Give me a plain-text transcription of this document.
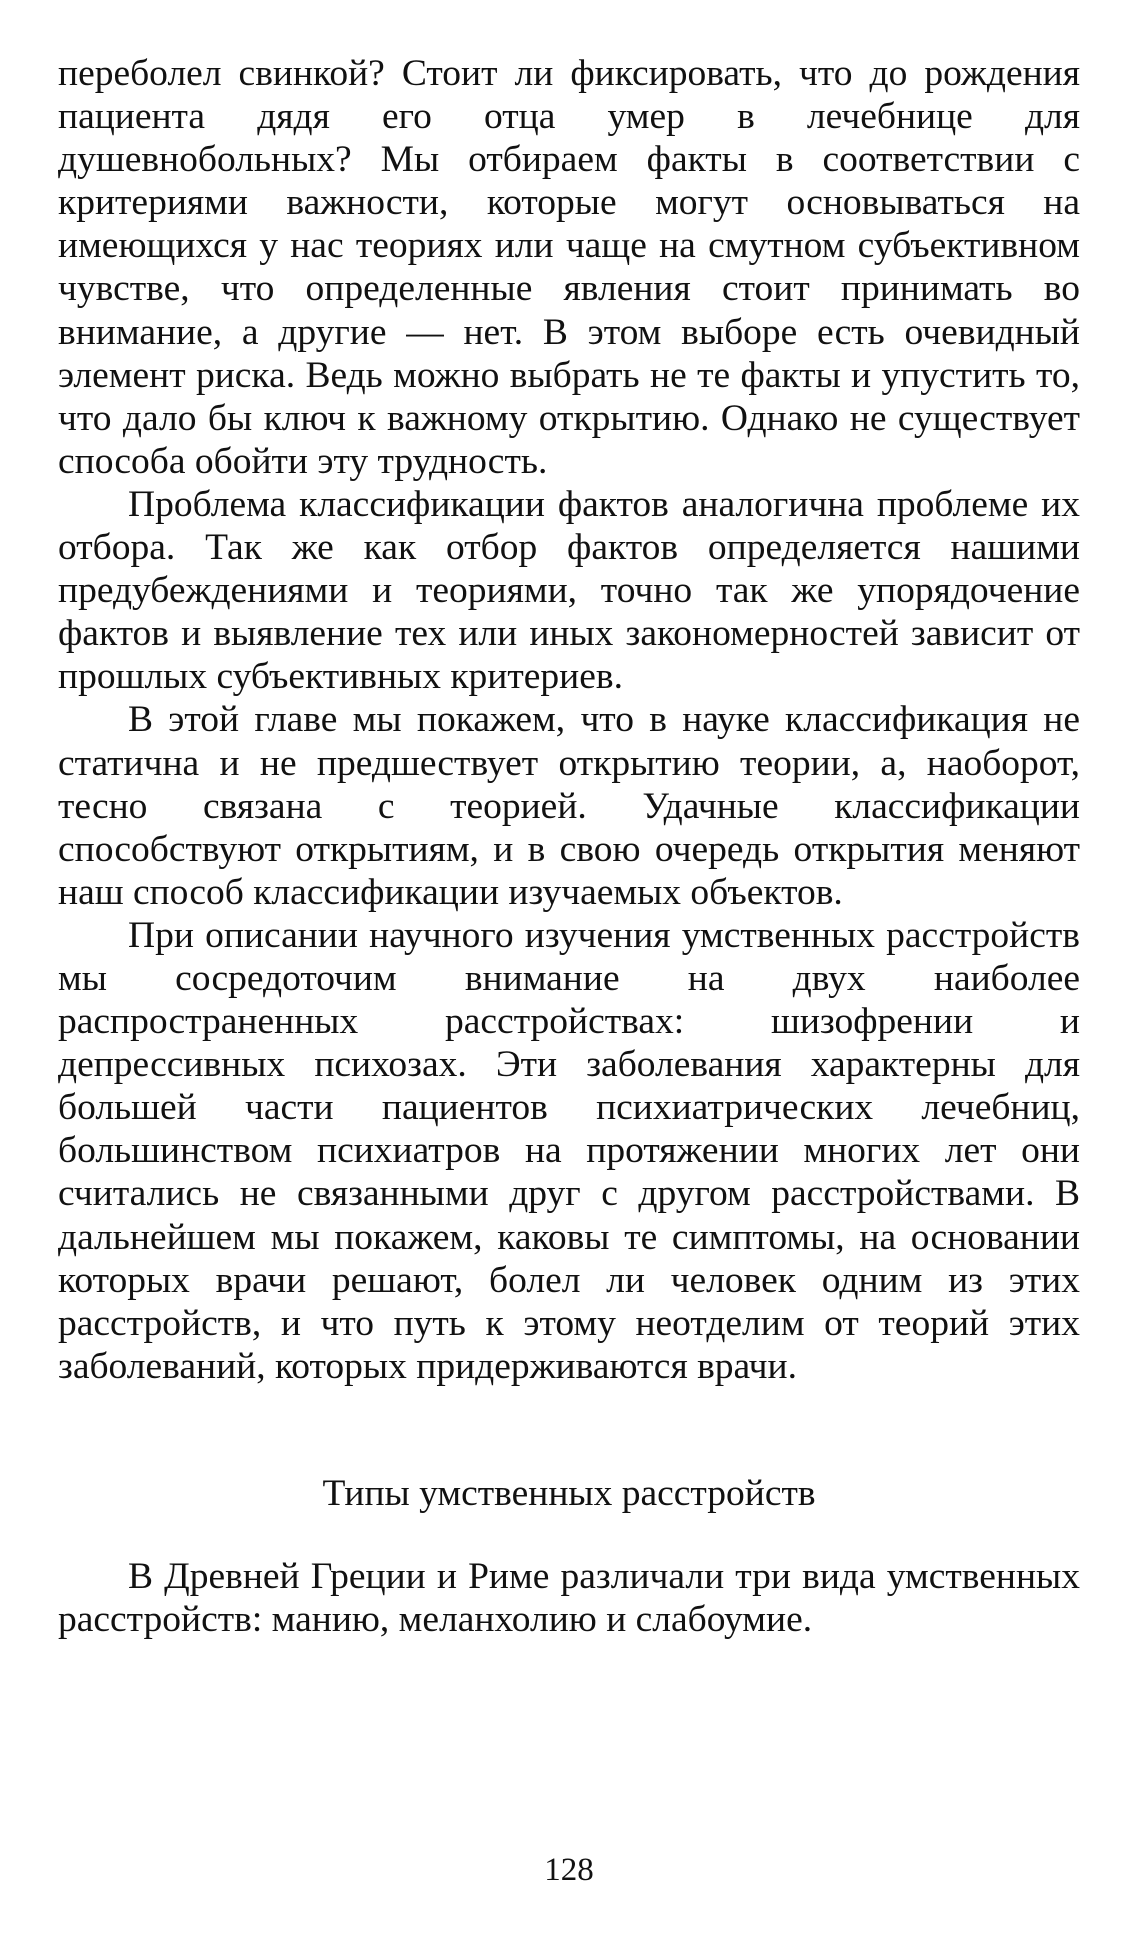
переболел свинкой? Стоит ли фиксировать, что до рождения пациента дядя его отца умер в лечебнице для душевнобольных? Мы отбираем факты в соответствии с критериями важности, которые могут основываться на имеющихся у нас теориях или чаще на смутном субъективном чувстве, что определенные явления стоит принимать во внимание, а другие — нет. В этом выборе есть очевидный элемент риска. Ведь можно выбрать не те факты и упустить то, что дало бы ключ к важному открытию. Однако не существует способа обойти эту трудность.

Проблема классификации фактов аналогична проблеме их отбора. Так же как отбор фактов определяется нашими предубеждениями и теориями, точно так же упорядочение фактов и выявление тех или иных закономерностей зависит от прошлых субъективных критериев.

В этой главе мы покажем, что в науке классификация не статична и не предшествует открытию теории, а, наоборот, тесно связана с теорией. Удачные классификации способствуют открытиям, и в свою очередь открытия меняют наш способ классификации изучаемых объектов.

При описании научного изучения умственных расстройств мы сосредоточим внимание на двух наиболее распространенных расстройствах: шизофрении и депрессивных психозах. Эти заболевания характерны для большей части пациентов психиатрических лечебниц, большинством психиатров на протяжении многих лет они считались не связанными друг с другом расстройствами. В дальнейшем мы покажем, каковы те симптомы, на основании которых врачи решают, болел ли человек одним из этих расстройств, и что путь к этому неотделим от теорий этих заболеваний, которых придерживаются врачи.

Типы умственных расстройств

В Древней Греции и Риме различали три вида умственных расстройств: манию, меланхолию и слабоумие.

128
